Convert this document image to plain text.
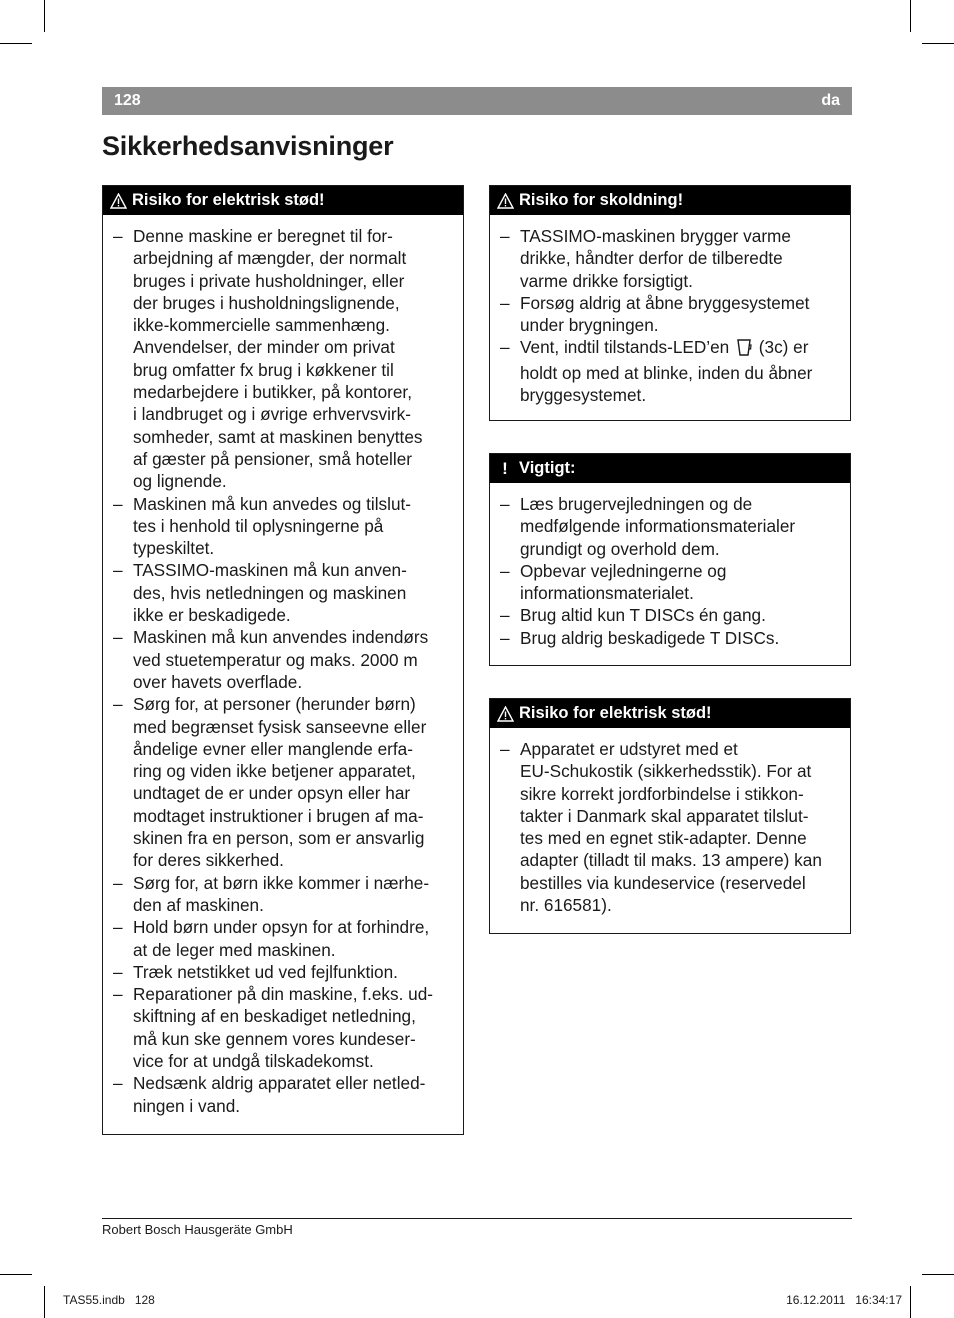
128	da
Sikkerhedsanvisninger
Risiko for elektrisk stød!
– Denne maskine er beregnet til for-
arbejdning af mængder, der normalt
bruges i private husholdninger, eller
der bruges i husholdningslignende,
ikke-kommercielle sammenhæng.
Anvendelser, der minder om privat
brug omfatter fx brug i køkkener til
medarbejdere i butikker, på kontorer,
i landbruget og i øvrige erhvervsvirk-
somheder, samt at maskinen benyttes
af gæster på pensioner, små hoteller
og lignende.
– Maskinen må kun anvedes og tilslut-
tes i henhold til oplysningerne på
typeskiltet.
– TASSIMO-maskinen må kun anven-
des, hvis netledningen og maskinen
ikke er beskadigede.
– Maskinen må kun anvendes indendørs
ved stuetemperatur og maks. 2000 m
over havets overflade.
– Sørg for, at personer (herunder børn)
med begrænset fysisk sanseevne eller
åndelige evner eller manglende erfa-
ring og viden ikke betjener apparatet,
undtaget de er under opsyn eller har
modtaget instruktioner i brugen af ma-
skinen fra en person, som er ansvarlig
for deres sikkerhed.
– Sørg for, at børn ikke kommer i nærhe-
den af maskinen.
– Hold børn under opsyn for at forhindre,
at de leger med maskinen.
– Træk netstikket ud ved fejlfunktion.
– Reparationer på din maskine, f.eks. ud-
skiftning af en beskadiget netledning,
må kun ske gennem vores kundeser-
vice for at undgå tilskadekomst.
– Nedsænk aldrig apparatet eller netled-
ningen i vand.
Risiko for skoldning!
– TASSIMO-maskinen brygger varme
drikke, håndter derfor de tilberedte
varme drikke forsigtigt.
– Forsøg aldrig at åbne bryggesystemet
under brygningen.
– Vent, indtil tilstands-LED’en  (3c) er
holdt op med at blinke, inden du åbner
bryggesystemet.
! Vigtigt:
– Læs brugervejledningen og de
medfølgende informationsmaterialer
grundigt og overhold dem.
– Opbevar vejledningerne og
informationsmaterialet.
– Brug altid kun T DISCs én gang.
– Brug aldrig beskadigede T DISCs.
Risiko for elektrisk stød!
– Apparatet er udstyret med et
EU-Schukostik (sikkerhedsstik). For at
sikre korrekt jordforbindelse i stikkon-
takter i Danmark skal apparatet tilslut-
tes med en egnet stik-adapter. Denne
adapter (tilladt til maks. 13 ampere) kan
bestilles via kundeservice (reservedel
nr. 616581).
Robert Bosch Hausgeräte GmbH
TAS55.indb   128	16.12.2011   16:34:17
